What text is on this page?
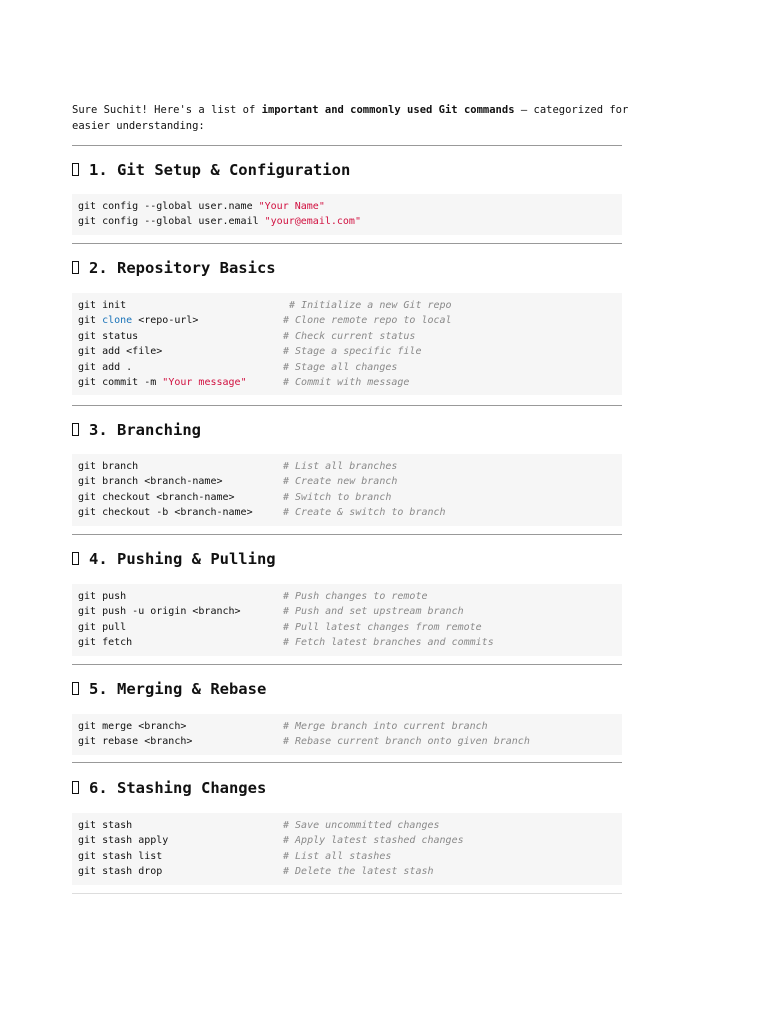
Sure Suchit! Here's a list of important and commonly used Git commands — categorized for easier understanding:
1. Git Setup & Configuration
git config --global user.name "Your Name"
git config --global user.email "your@email.com"
2. Repository Basics
git init	# Initialize a new Git repo
git clone <repo-url>	# Clone remote repo to local
git status	# Check current status
git add <file>	# Stage a specific file
git add .	# Stage all changes
git commit -m "Your message"	# Commit with message
3. Branching
git branch	# List all branches
git branch <branch-name>	# Create new branch
git checkout <branch-name>	# Switch to branch
git checkout -b <branch-name>	# Create & switch to branch
4. Pushing & Pulling
git push	# Push changes to remote
git push -u origin <branch>	# Push and set upstream branch
git pull	# Pull latest changes from remote
git fetch	# Fetch latest branches and commits
5. Merging & Rebase
git merge <branch>	# Merge branch into current branch
git rebase <branch>	# Rebase current branch onto given branch
6. Stashing Changes
git stash	# Save uncommitted changes
git stash apply	# Apply latest stashed changes
git stash list	# List all stashes
git stash drop	# Delete the latest stash
